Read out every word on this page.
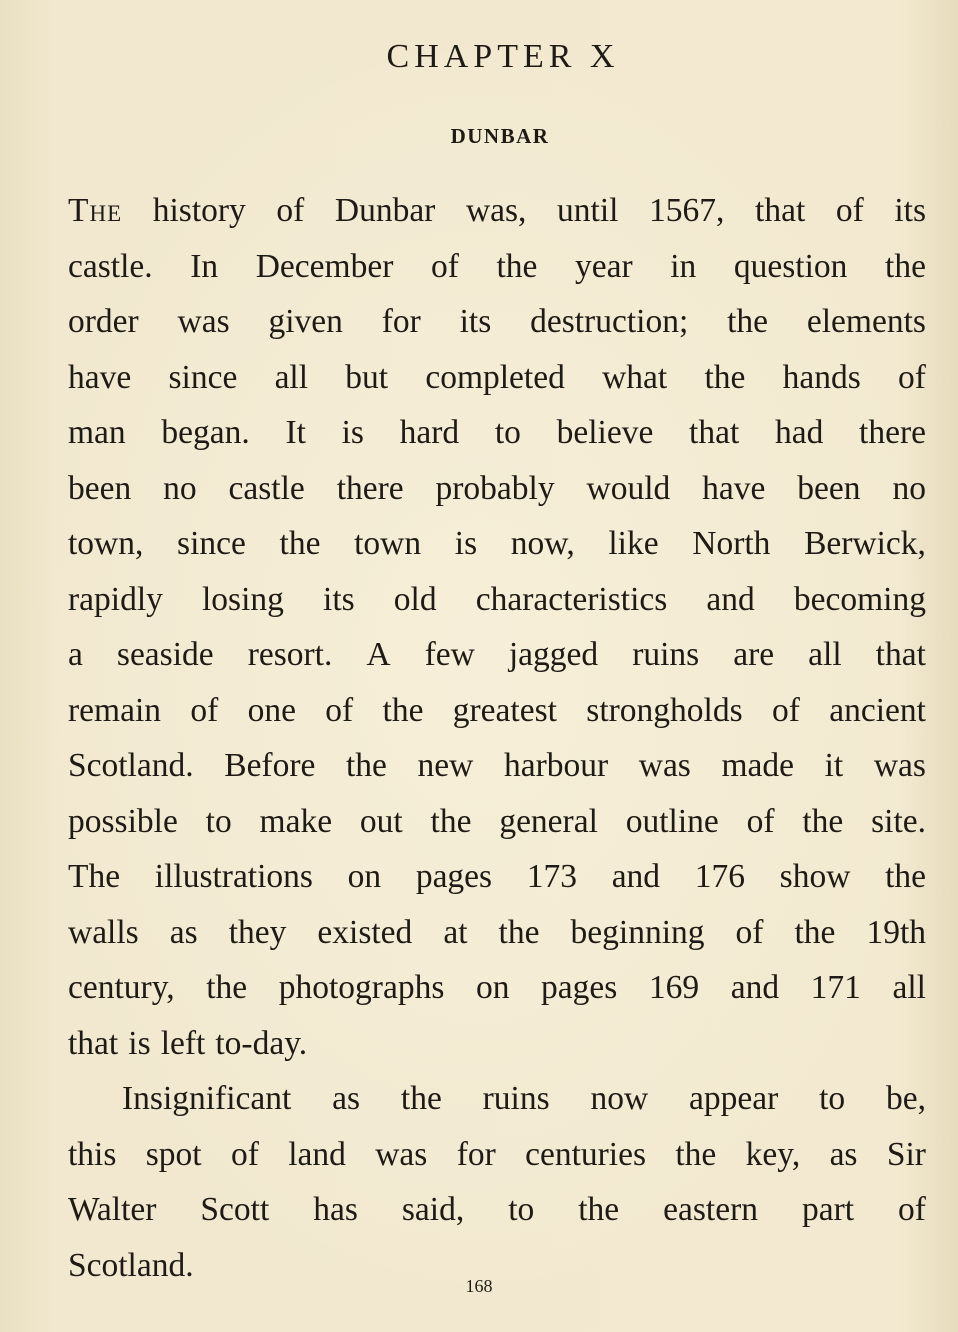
CHAPTER X
DUNBAR
The history of Dunbar was, until 1567, that of its
castle. In December of the year in question the
order was given for its destruction; the elements
have since all but completed what the hands of
man began. It is hard to believe that had there
been no castle there probably would have been no
town, since the town is now, like North Berwick,
rapidly losing its old characteristics and becoming
a seaside resort. A few jagged ruins are all that
remain of one of the greatest strongholds of ancient
Scotland. Before the new harbour was made it was
possible to make out the general outline of the site.
The illustrations on pages 173 and 176 show the
walls as they existed at the beginning of the 19th
century, the photographs on pages 169 and 171 all
that is left to-day.
Insignificant as the ruins now appear to be,
this spot of land was for centuries the key, as Sir
Walter Scott has said, to the eastern part of
Scotland.
168
